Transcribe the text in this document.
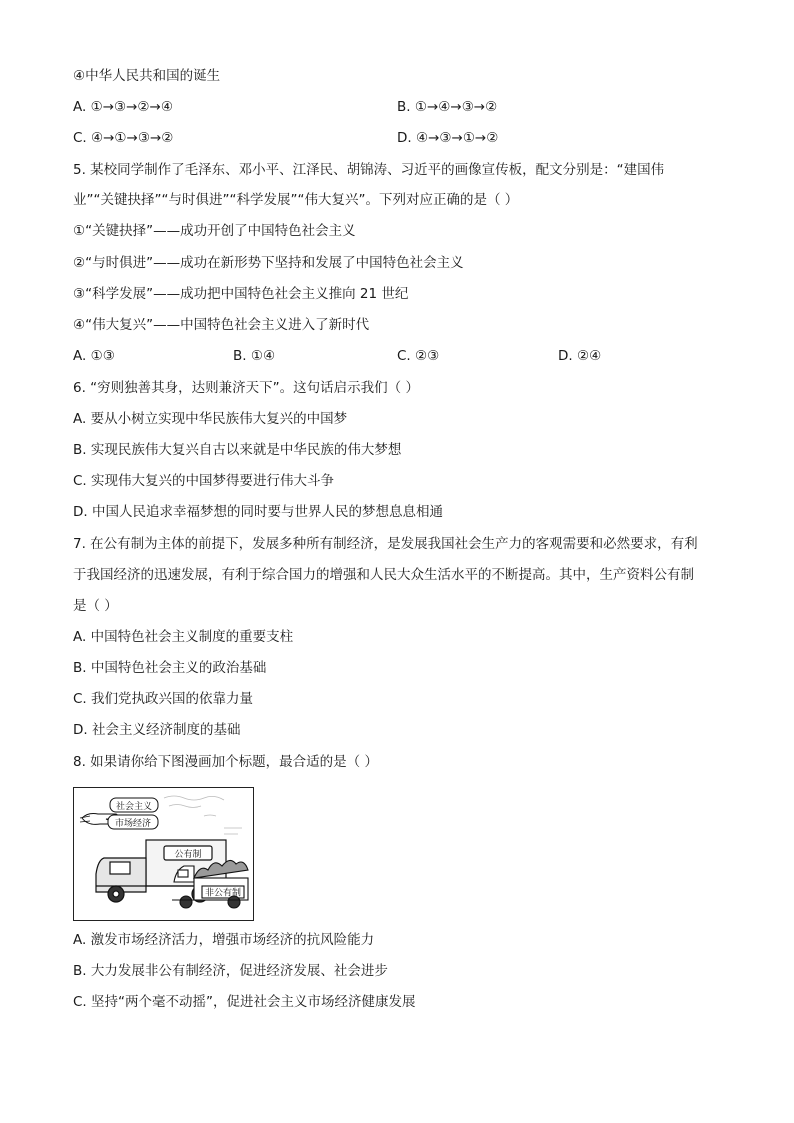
④中华人民共和国的诞生
A. ①→③→②→④	B. ①→④→③→②
C. ④→①→③→②	D. ④→③→①→②
5. 某校同学制作了毛泽东、邓小平、江泽民、胡锦涛、习近平的画像宣传板，配文分别是：“建国伟
业”“关键抉择”“与时俱进”“科学发展”“伟大复兴”。下列对应正确的是（ ）
①“关键抉择”——成功开创了中国特色社会主义
②“与时俱进”——成功在新形势下坚持和发展了中国特色社会主义
③“科学发展”——成功把中国特色社会主义推向 21 世纪
④“伟大复兴”——中国特色社会主义进入了新时代
A. ①③	B. ①④	C. ②③	D. ②④
6. “穷则独善其身，达则兼济天下”。这句话启示我们（ ）
A. 要从小树立实现中华民族伟大复兴的中国梦
B. 实现民族伟大复兴自古以来就是中华民族的伟大梦想
C. 实现伟大复兴的中国梦得要进行伟大斗争
D. 中国人民追求幸福梦想的同时要与世界人民的梦想息息相通
7. 在公有制为主体的前提下，发展多种所有制经济，是发展我国社会生产力的客观需要和必然要求，有利
于我国经济的迅速发展，有利于综合国力的增强和人民大众生活水平的不断提高。其中，生产资料公有制
是（ ）
A. 中国特色社会主义制度的重要支柱
B. 中国特色社会主义的政治基础
C. 我们党执政兴国的依靠力量
D. 社会主义经济制度的基础
8. 如果请你给下图漫画加个标题，最合适的是（ ）
社会主义
市场经济
公有制
非公有制
A. 激发市场经济活力，增强市场经济的抗风险能力
B. 大力发展非公有制经济，促进经济发展、社会进步
C. 坚持“两个毫不动摇”，促进社会主义市场经济健康发展
